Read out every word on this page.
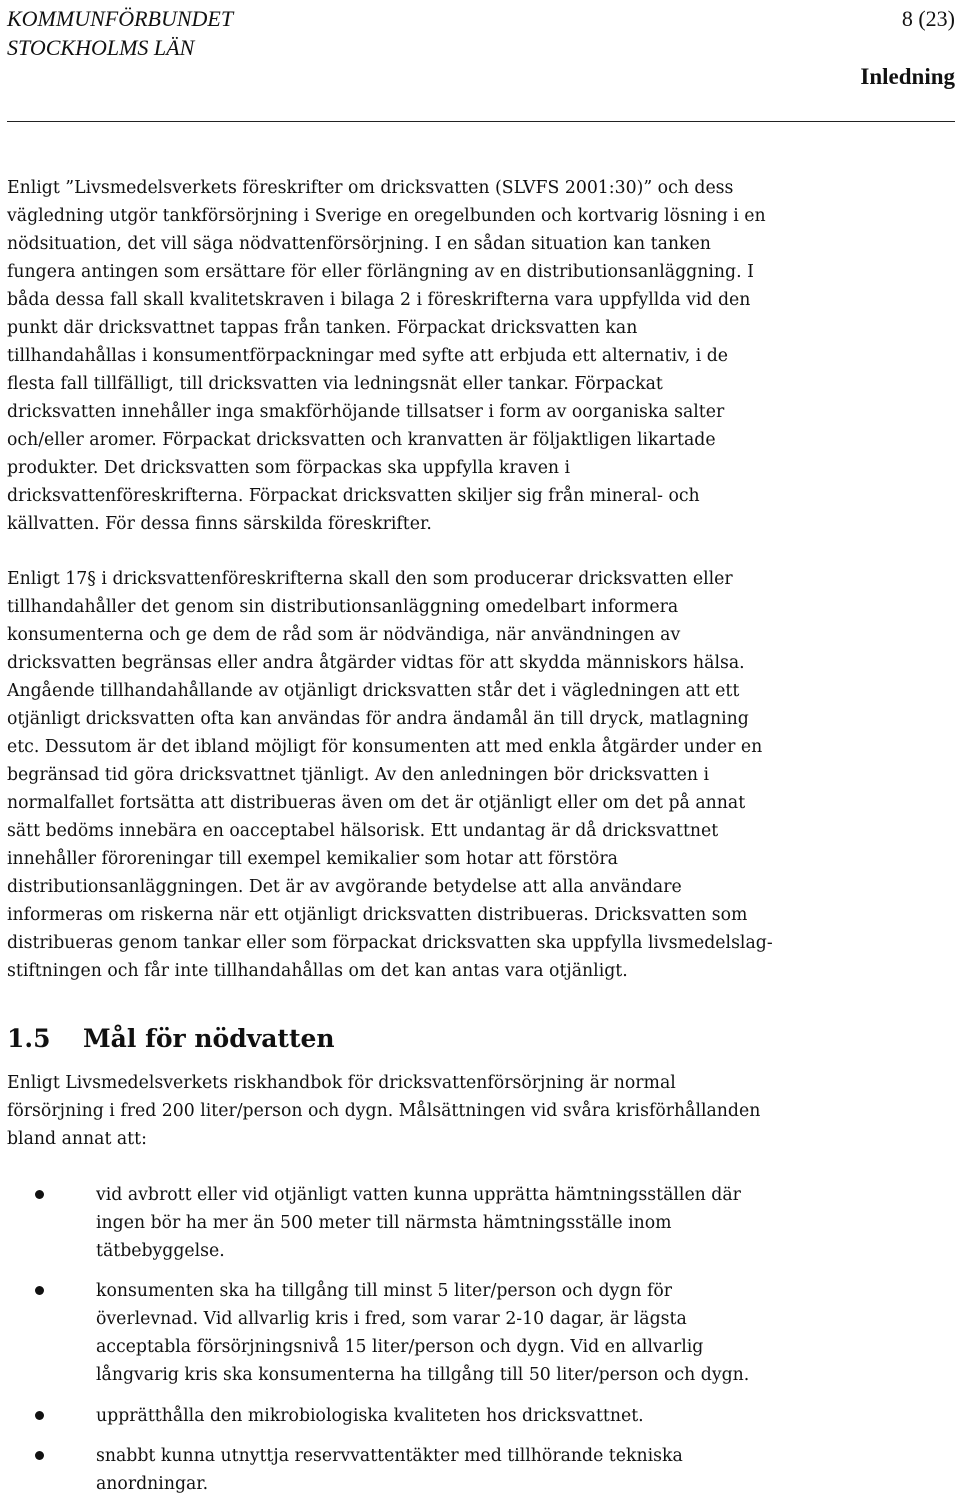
KOMMUNFÖRBUNDET
STOCKHOLMS LÄN
8 (23)
Inledning
Enligt ”Livsmedelsverkets föreskrifter om dricksvatten (SLVFS 2001:30)” och dess
vägledning utgör tankförsörjning i Sverige en oregelbunden och kortvarig lösning i en
nödsituation, det vill säga nödvattenförsörjning. I en sådan situation kan tanken
fungera antingen som ersättare för eller förlängning av en distributionsanläggning. I
båda dessa fall skall kvalitetskraven i bilaga 2 i föreskrifterna vara uppfyllda vid den
punkt där dricksvattnet tappas från tanken. Förpackat dricksvatten kan
tillhandahållas i konsumentförpackningar med syfte att erbjuda ett alternativ, i de
flesta fall tillfälligt, till dricksvatten via ledningsnät eller tankar. Förpackat
dricksvatten innehåller inga smakförhöjande tillsatser i form av oorganiska salter
och/eller aromer. Förpackat dricksvatten och kranvatten är följaktligen likartade
produkter. Det dricksvatten som förpackas ska uppfylla kraven i
dricksvattenföreskrifterna. Förpackat dricksvatten skiljer sig från mineral- och
källvatten. För dessa finns särskilda föreskrifter.
Enligt 17§ i dricksvattenföreskrifterna skall den som producerar dricksvatten eller
tillhandahåller det genom sin distributionsanläggning omedelbart informera
konsumenterna och ge dem de råd som är nödvändiga, när användningen av
dricksvatten begränsas eller andra åtgärder vidtas för att skydda människors hälsa.
Angående tillhandahållande av otjänligt dricksvatten står det i vägledningen att ett
otjänligt dricksvatten ofta kan användas för andra ändamål än till dryck, matlagning
etc. Dessutom är det ibland möjligt för konsumenten att med enkla åtgärder under en
begränsad tid göra dricksvattnet tjänligt. Av den anledningen bör dricksvatten i
normalfallet fortsätta att distribueras även om det är otjänligt eller om det på annat
sätt bedöms innebära en oacceptabel hälsorisk. Ett undantag är då dricksvattnet
innehåller föroreningar till exempel kemikalier som hotar att förstöra
distributionsanläggningen. Det är av avgörande betydelse att alla användare
informeras om riskerna när ett otjänligt dricksvatten distribueras. Dricksvatten som
distribueras genom tankar eller som förpackat dricksvatten ska uppfylla livsmedelslag-
stiftningen och får inte tillhandahållas om det kan antas vara otjänligt.
1.5 Mål för nödvatten
Enligt Livsmedelsverkets riskhandbok för dricksvattenförsörjning är normal
försörjning i fred 200 liter/person och dygn. Målsättningen vid svåra krisförhållanden
bland annat att:
vid avbrott eller vid otjänligt vatten kunna upprätta hämtningsställen där
ingen bör ha mer än 500 meter till närmsta hämtningsställe inom
tätbebyggelse.
konsumenten ska ha tillgång till minst 5 liter/person och dygn för
överlevnad. Vid allvarlig kris i fred, som varar 2-10 dagar, är lägsta
acceptabla försörjningsnivå 15 liter/person och dygn. Vid en allvarlig
långvarig kris ska konsumenterna ha tillgång till 50 liter/person och dygn.
upprätthålla den mikrobiologiska kvaliteten hos dricksvattnet.
snabbt kunna utnyttja reservvattentäkter med tillhörande tekniska
anordningar.
